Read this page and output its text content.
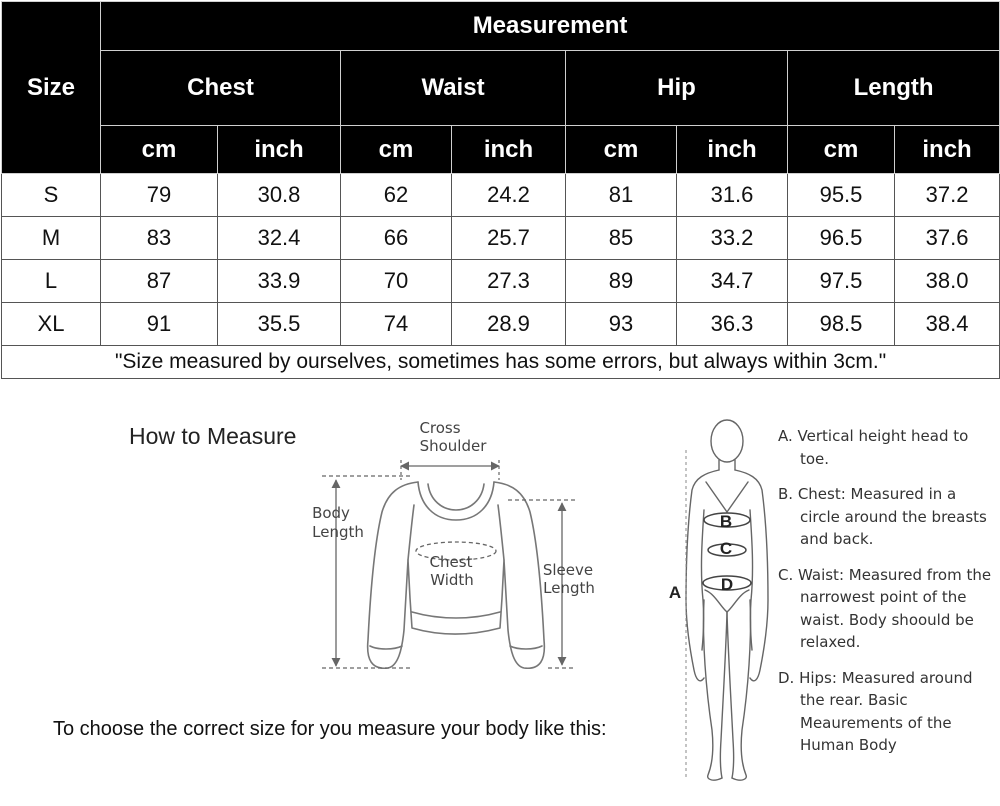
Size	Measurement							
	Chest		Waist		Hip		Length	
	cm	inch	cm	inch	cm	inch	cm	inch
S	79	30.8	62	24.2	81	31.6	95.5	37.2
M	83	32.4	66	25.7	85	33.2	96.5	37.6
L	87	33.9	70	27.3	89	34.7	97.5	38.0
XL	91	35.5	74	28.9	93	36.3	98.5	38.4
"Size measured by ourselves, sometimes has some errors, but always within 3cm."								
How to Measure
To choose the correct size for you measure your body like this:
Cross
Shoulder
Body
Length
Chest
Width
Sleeve
Length	A
B
C
D
A. Vertical height head to toe.
B. Chest: Measured in a circle around the breasts and back.
C. Waist: Measured from the narrowest point of the waist. Body shoould be relaxed.
D. Hips: Measured around the rear. Basic Meaurements of the Human Body
